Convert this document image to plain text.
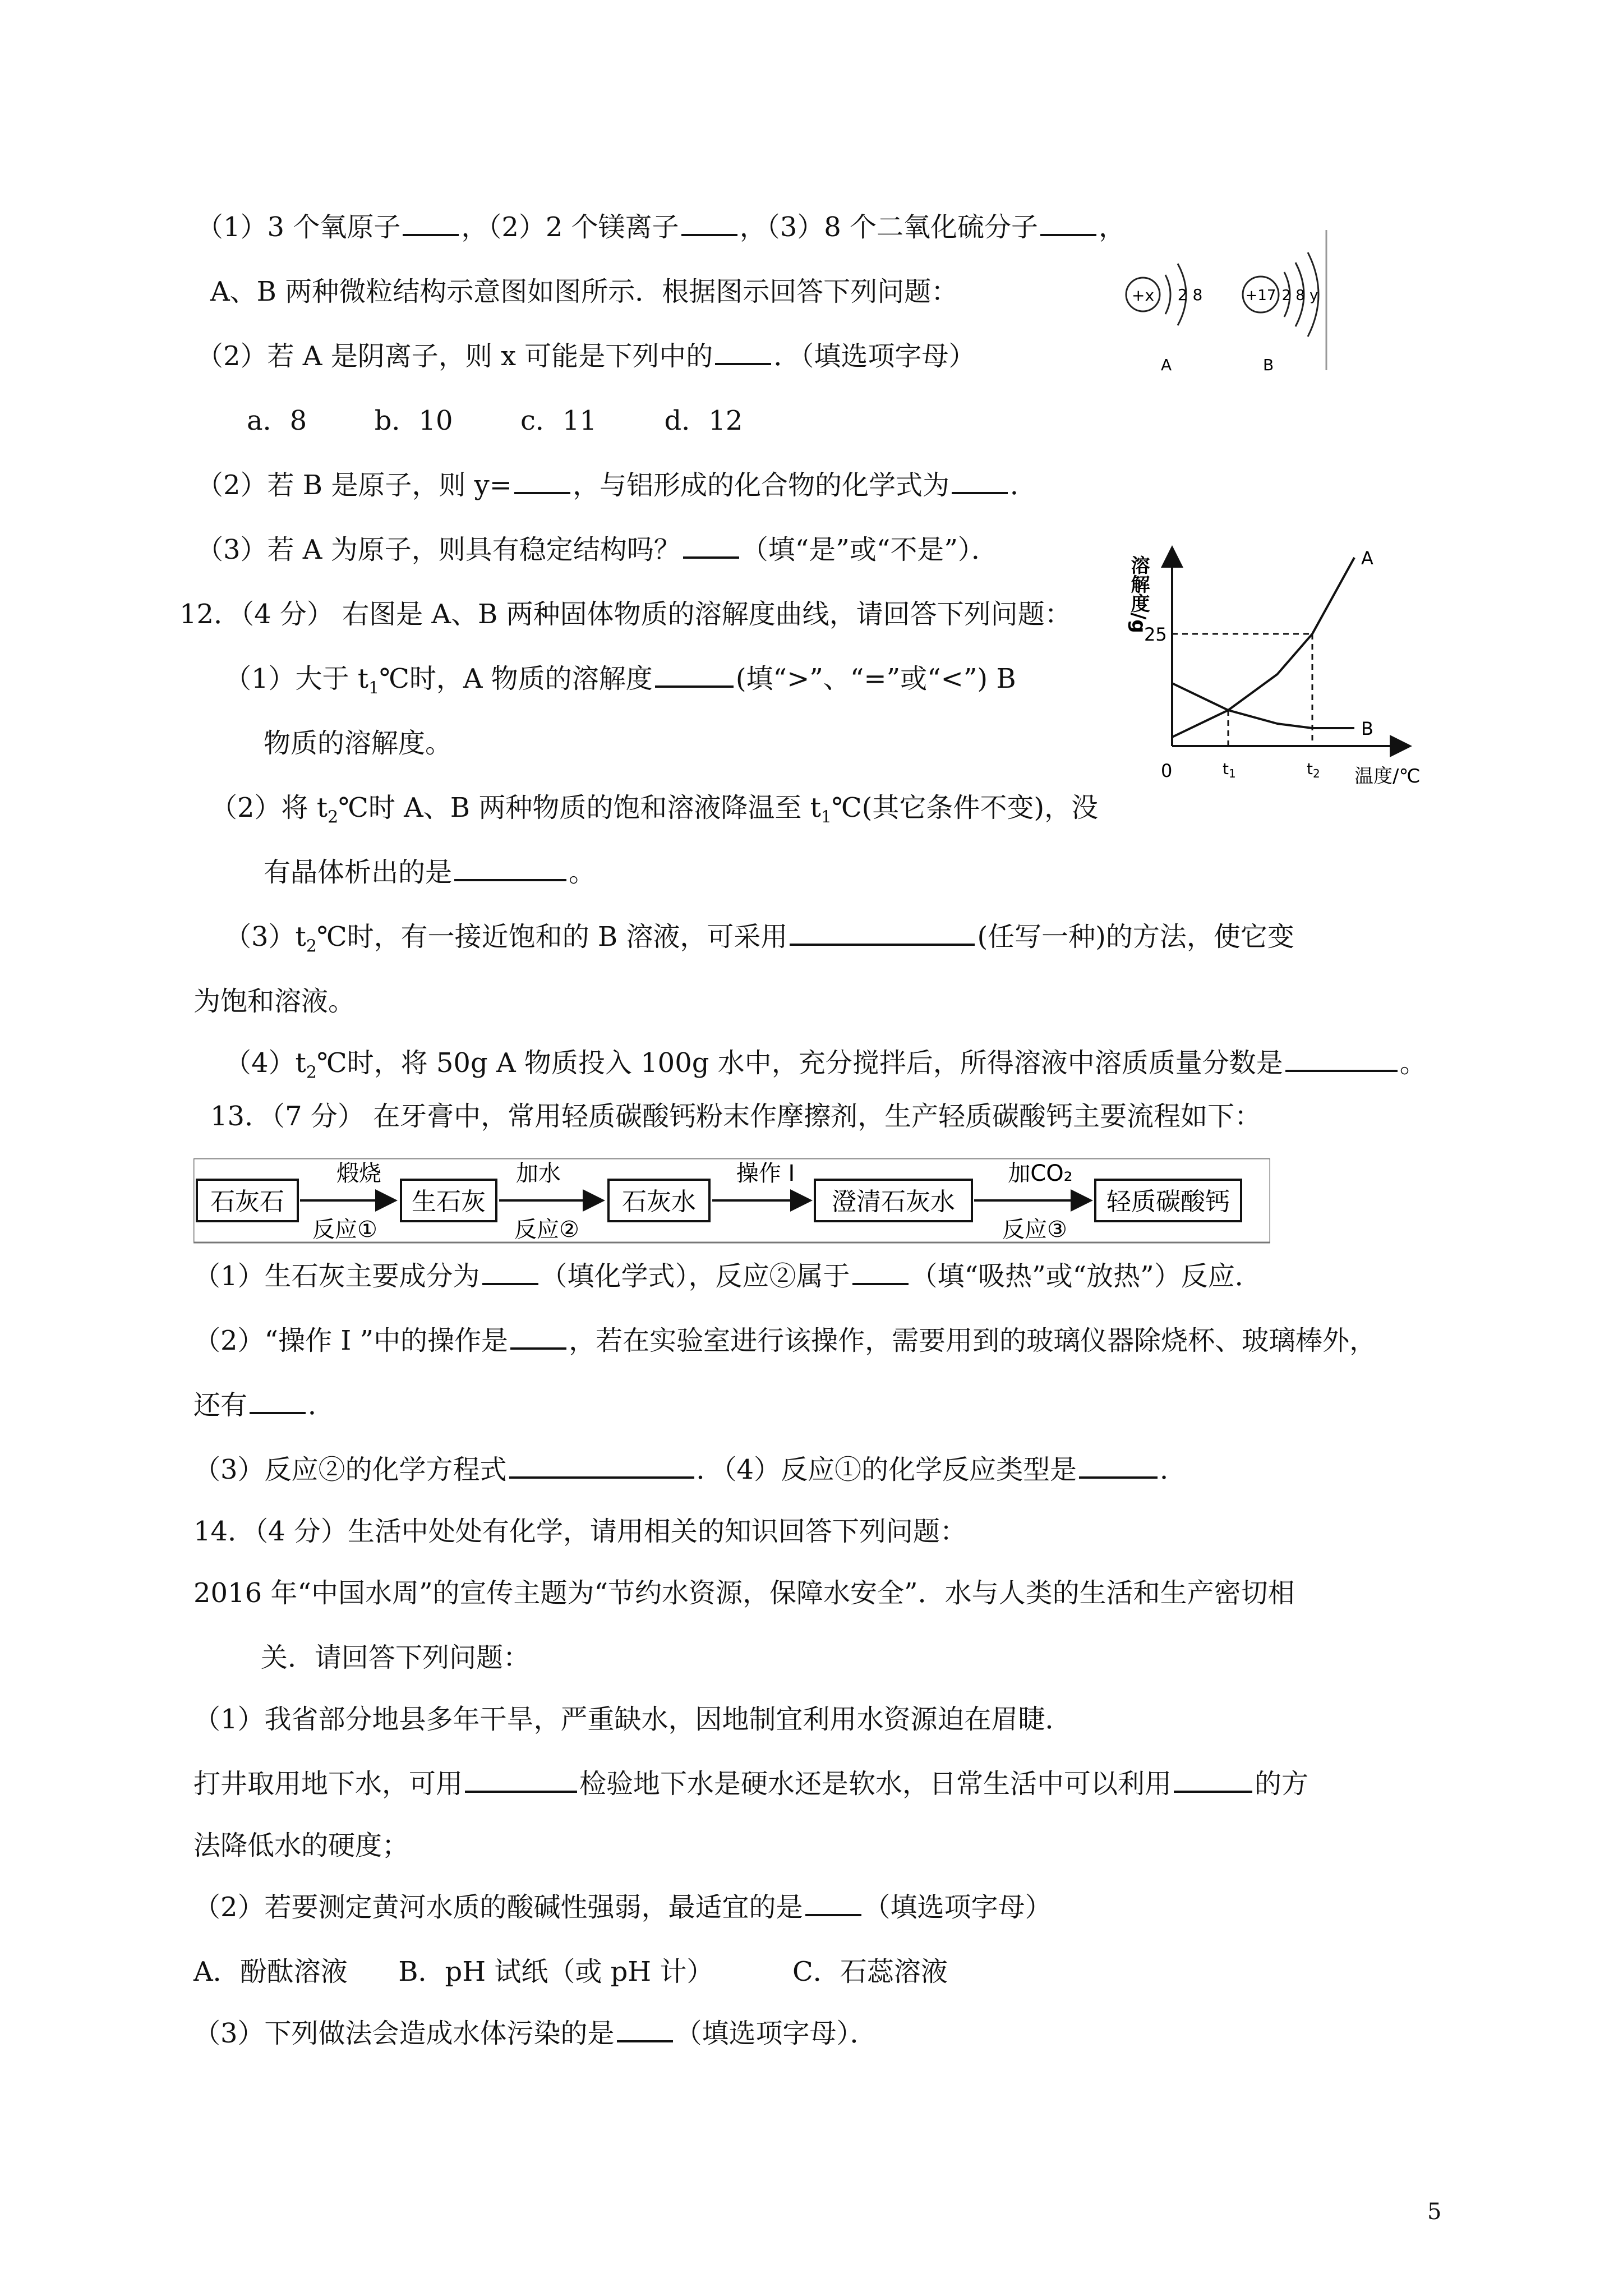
（1）3 个氧原子 ，（2）2 个镁离子 ，（3）8 个二氧化硫分子 ，
A、B 两种微粒结构示意图如图所示．根据图示回答下列问题：
（2）若 A 是阴离子，则 x 可能是下列中的 ．（填选项字母）
a．8	b．10	c．11	d．12
（2）若 B 是原子，则 y= ，与铝形成的化合物的化学式为 ．
（3）若 A 为原子，则具有稳定结构吗？ （填“是”或“不是”）．
+x 2 8
A
+17 2 8 y
B
12．（4 分） 右图是 A、B 两种固体物质的溶解度曲线，请回答下列问题：
（1）大于 $t_1℃$时，A 物质的溶解度	(填“>”、“=”或“<”) B
物质的溶解度。
（2）将 $t_2℃$时 A、B 两种物质的饱和溶液降温至 $t_1℃$(其它条件不变)，没
有晶体析出的是	。
$(3)t_2℃$时，有一接近饱和的 B 溶液，可采用	(任写一种)的方法，使它变
为饱和溶液。
$(4)t_2℃$时，将 50g A 物质投入 100g 水中，充分搅拌后，所得溶液中溶质质量分数是	。
溶解度/g
0	温度/℃
A
B
25
$t_1$	$t_2$
13．（7 分） 在牙膏中，常用轻质碳酸钙粉末作摩擦剂，生产轻质碳酸钙主要流程如下：
石灰石
煅烧
反应①
生石灰
加水
反应②
石灰水
操作 I
澄清石灰水
加CO₂
反应③
轻质碳酸钙
（1）生石灰主要成分为 （填化学式），反应②属于 （填“吸热”或“放热”）反应．
（2）“操作 I ”中的操作是 ，若在实验室进行该操作，需要用到的玻璃仪器除烧杯、玻璃棒外，
还有 ．
（3）反应②的化学方程式	．（4）反应①的化学反应类型是	．
14．（4 分）生活中处处有化学，请用相关的知识回答下列问题：
2016 年“中国水周”的宣传主题为“节约水资源，保障水安全”．水与人类的生活和生产密切相
关．请回答下列问题：
（1）我省部分地县多年干旱，严重缺水，因地制宜利用水资源迫在眉睫．
打井取用地下水，可用	检验地下水是硬水还是软水，日常生活中可以利用	的方
法降低水的硬度；
（2）若要测定黄河水质的酸碱性强弱，最适宜的是 （填选项字母）
A．酚酞溶液 B．pH 试纸（或 pH 计）	C．石蕊溶液
（3）下列做法会造成水体污染的是 （填选项字母）．
5
